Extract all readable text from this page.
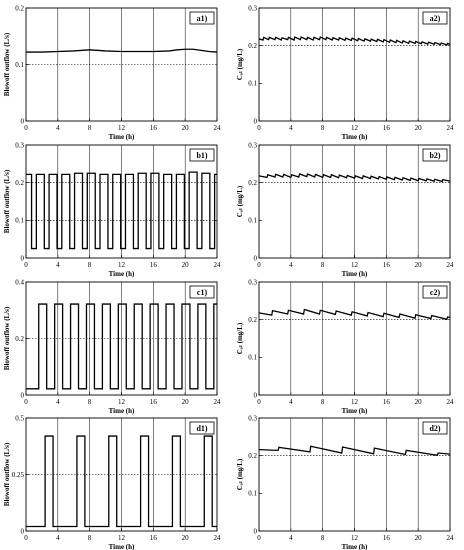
0	4	8	12	16	20	24
0
0.1
0.2
Time (h)
Blowoff outflow (L/s)
a1)
0	4	8	12	16	20	24
0
0.1
0.2
0.3
Time (h)
Cₐₗ (mg/L)
a2)
0	4	8	12	16	20	24
0
0.1
0.2
0.3
Time (h)
Blowoff outflow (L/s)
b1)
0	4	8	12	16	20	24
0
0.1
0.2
0.3
Time (h)
Cₐₗ (mg/L)
b2)
0	4	8	12	16	20	24
0
0.2
0.4
Time (h)
Blowoff outflow (L/s)
c1)
0	4	8	12	16	20	24
0
0.1
0.2
0.3
Time (h)
Cₐₗ (mg/L)
c2)
0	4	8	12	16	20	24
0
0.25
0.5
Time (h)
Blowoff outflow (L/s)
d1)
0	4	8	12	16	20	24
0
0.1
0.2
0.3
Time (h)
Cₐₗ (mg/L)
d2)
